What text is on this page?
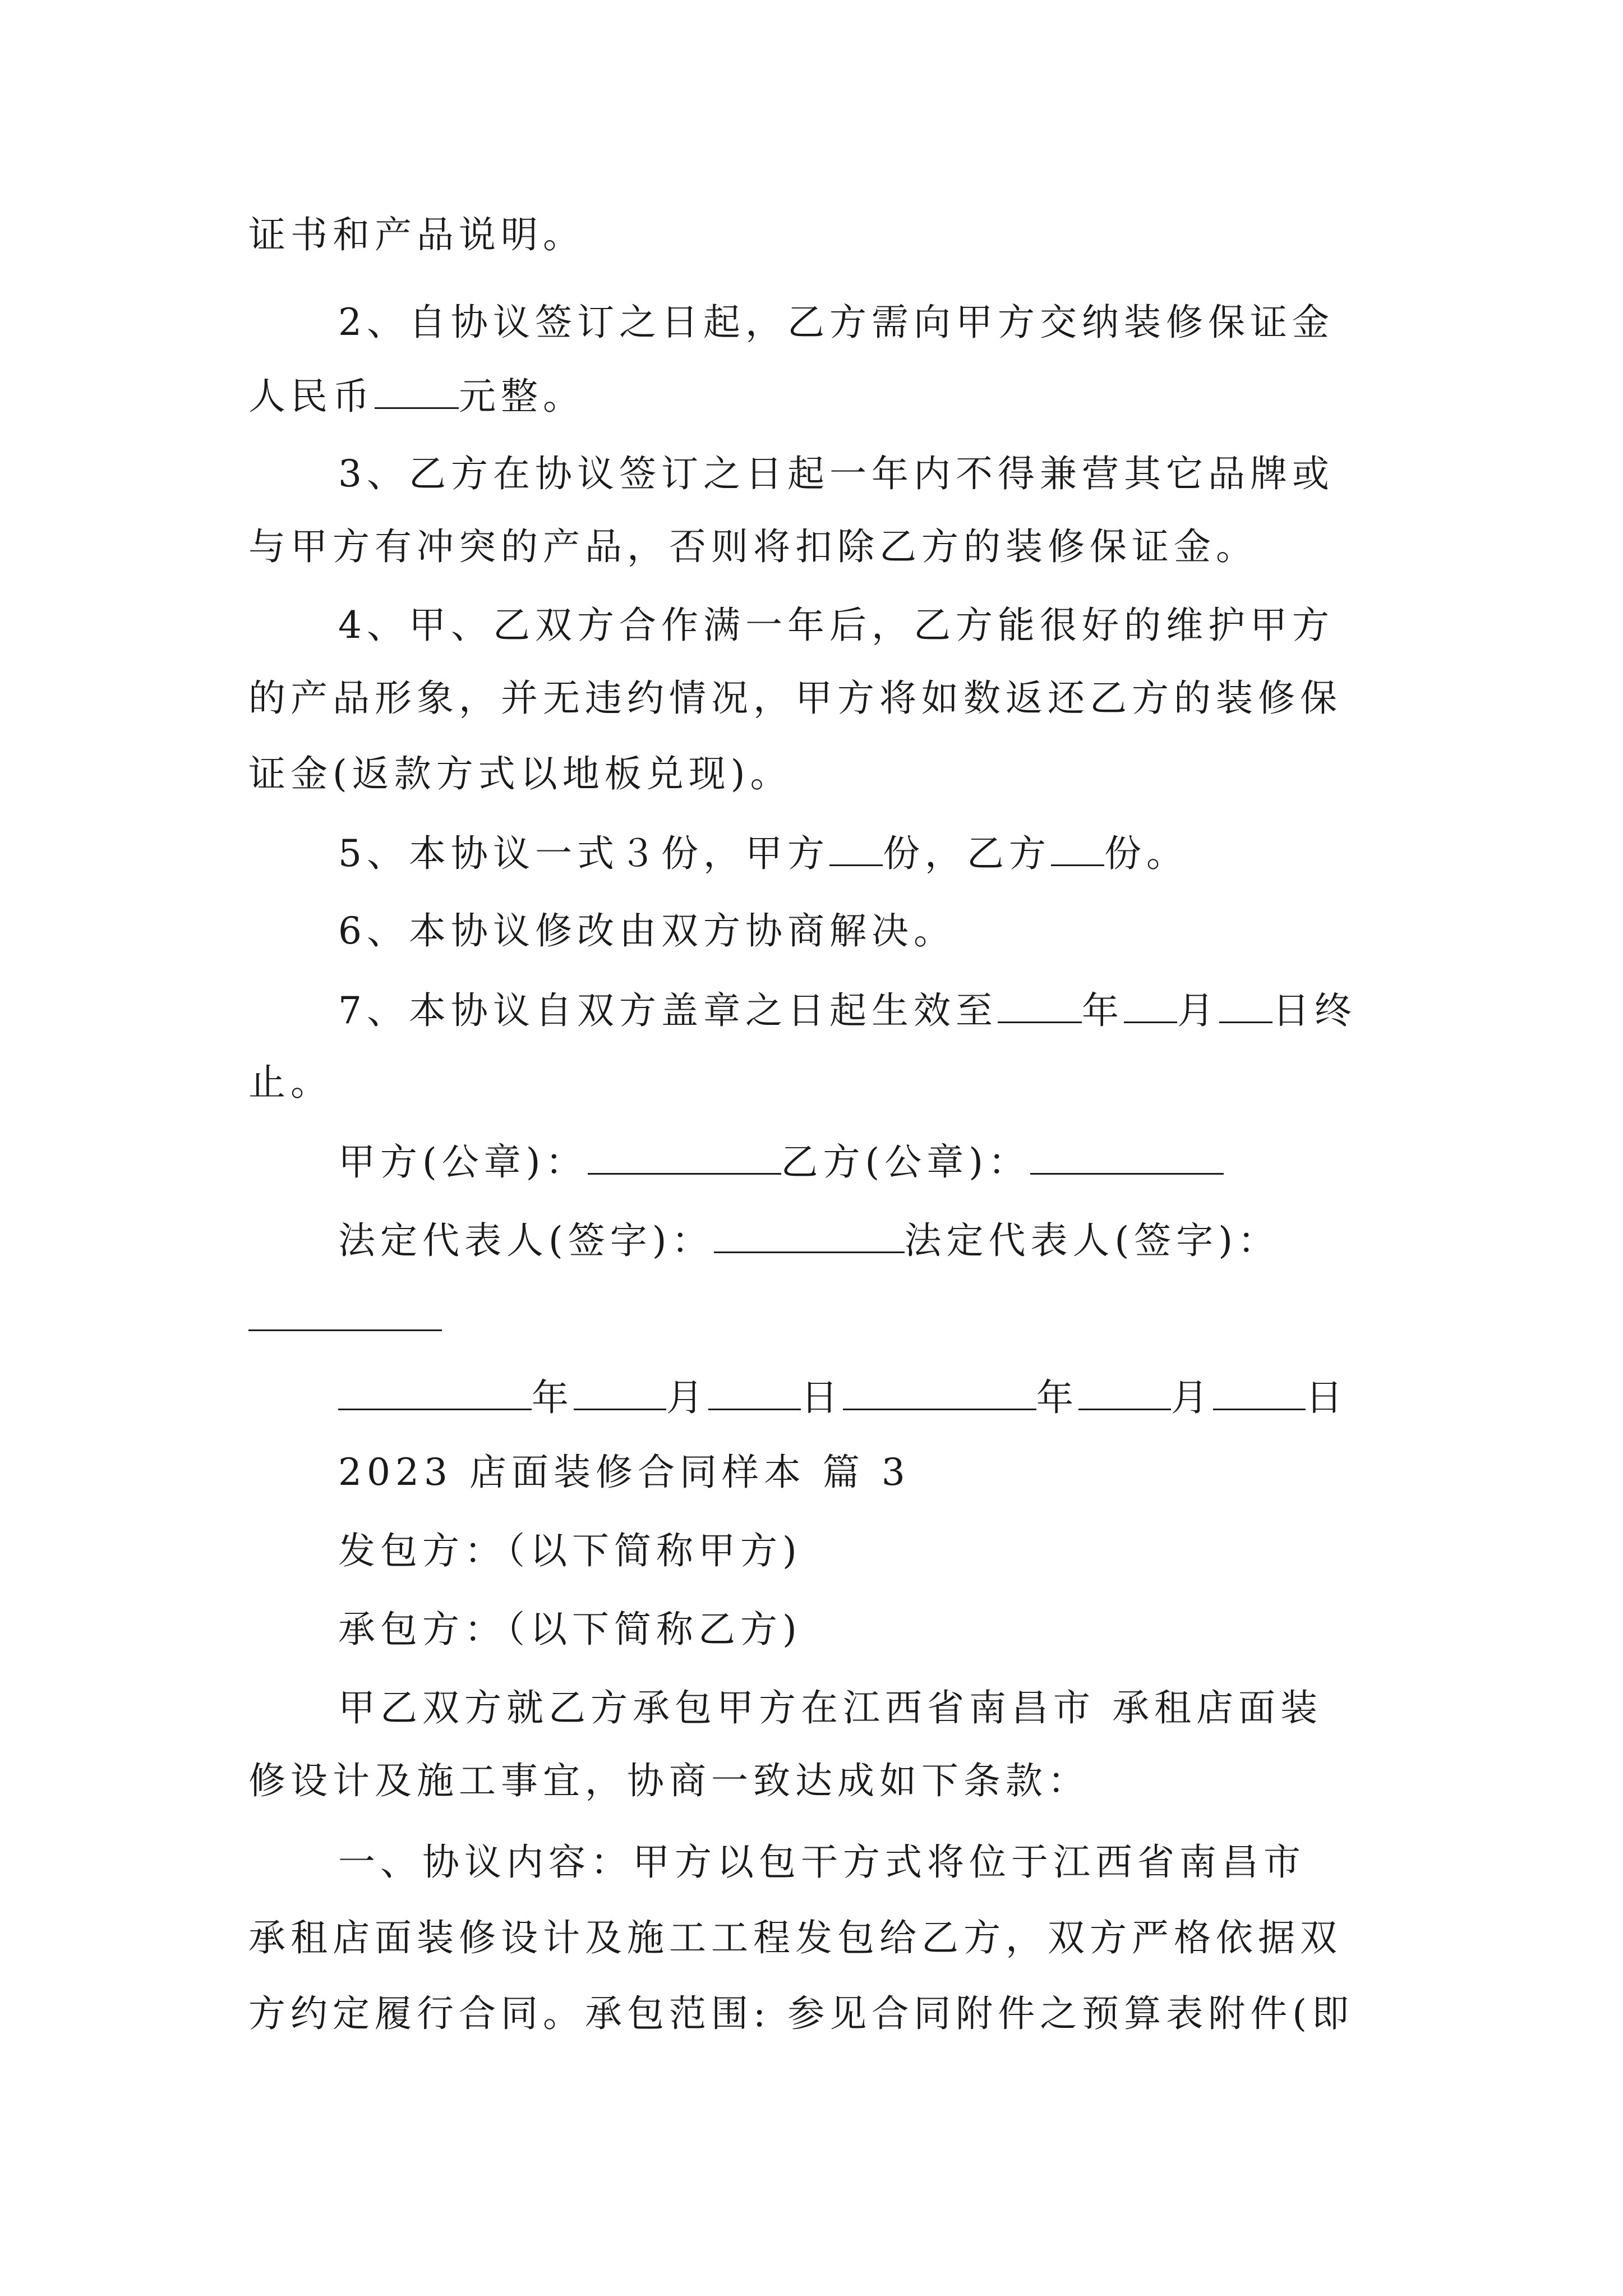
证书和产品说明。
2、自协议签订之日起，乙方需向甲方交纳装修保证金
人民币 元整。
3、乙方在协议签订之日起一年内不得兼营其它品牌或
与甲方有冲突的产品，否则将扣除乙方的装修保证金。
4、甲、乙双方合作满一年后，乙方能很好的维护甲方
的产品形象，并无违约情况，甲方将如数返还乙方的装修保
证金(返款方式以地板兑现)。
5、本协议一式３份，甲方 份，乙方 份。
6、本协议修改由双方协商解决。
7、本协议自双方盖章之日起生效至 年 月 日终
止。
甲方(公章)：	乙方(公章)：
法定代表人(签字)：	法定代表人(签字)：
年	月	日	年	月	日
2023 店面装修合同样本 篇 3
发包方：（以下简称甲方)
承包方：（以下简称乙方)
甲乙双方就乙方承包甲方在江西省南昌市 承租店面装
修设计及施工事宜，协商一致达成如下条款：
一、协议内容：甲方以包干方式将位于江西省南昌市
承租店面装修设计及施工工程发包给乙方，双方严格依据双
方约定履行合同。承包范围: 参见合同附件之预算表附件(即
